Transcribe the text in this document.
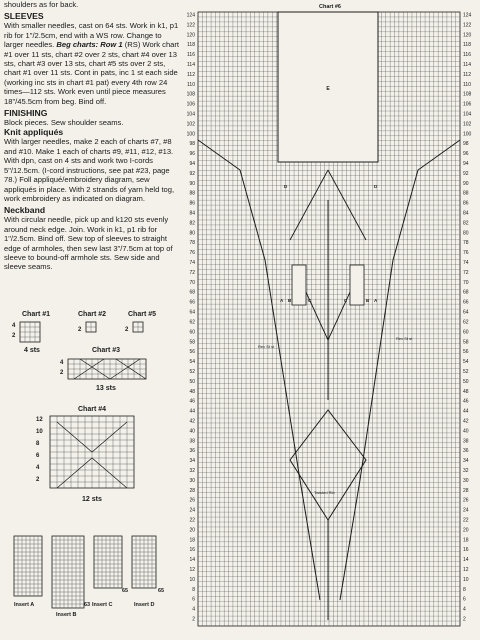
shoulders as for back.

SLEEVES

With smaller needles, cast on 64 sts. Work in k1, p1 rib for 1"/2.5cm, end with a WS row. Change to larger needles. Beg charts: Row 1 (RS) Work chart #1 over 11 sts, chart #2 over 2 sts, chart #4 over 13 sts, chart #3 over 13 sts, chart #5 sts over 2 sts, chart #1 over 11 sts. Cont in pats, inc 1 st each side (working inc sts in chart #1 pat) every 4th row 24 times—112 sts. Work even until piece measures 18"/45.5cm from beg. Bind off.

FINISHING

Block pieces. Sew shoulder seams.

Knit appliqués

With larger needles, make 2 each of charts #7, #8 and #10. Make 1 each of charts #9, #11, #12, #13. With dpn, cast on 4 sts and work two I-cords 5"/12.5cm. (I-cord instructions, see pat #23, page 78.) Foll appliqué/embroidery diagram, sew appliqués in place. With 2 strands of yarn held tog, work embroidery as indicated on diagram.

Neckband

With circular needle, pick up and k120 sts evenly around neck edge. Join. Work in k1, p1 rib for 1"/2.5cm. Bind off. Sew top of sleeves to straight edge of armholes, then sew last 3"/7.5cm at top of sleeve to bound-off armhole sts. Sew side and sleeve seams.

Chart #1	Chart #2	Chart #5
4 sts	Chart #3
13 sts
Chart #4
12 sts
4
2
2	2
4
2
12
10
8
6
4
2
Insert A
Insert B
Insert C	Insert D
65
63
65
Chart #6
124	124
122	122
120	120
118	118
116	116
114	114
112	112
110	110
108	108
106	106
104	104
102	102
100	100
98	98
96	96
94	94
92	92
90	90
88	88
86	86
84	84
82	82
80	80
78	78
76	76
74	74
72	72
70	70
68	68
66	66
64	64
62	62
60	60
58	58
56	56
54	54
52	52
50	50
48	48
46	46
44	44
42	42
40	40
38	38
36	36
34	34
32	32
30	30
28	28
26	26
24	24
22	22
20	20
18	18
16	16
14	14
12	12
10	10
8	8
6	6
4	4
2	2
E
D	D
A B	C	C	B A
Rev St st
Rev St st
Twisted Rib
